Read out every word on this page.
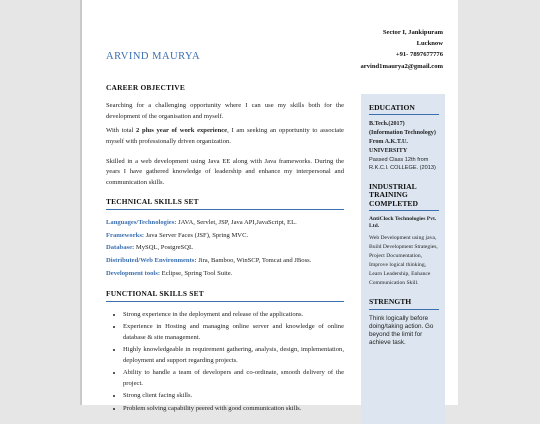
Sector I, Jankipuram
Lucknow
+91- 7897677776
arvind1maurya2@gmail.com
ARVIND MAURYA
CAREER OBJECTIVE

Searching for a challenging opportunity where I can use my skills both for the development of the organisation and myself.

With total 2 plus year of work experience, I am seeking an opportunity to associate myself with professionally driven organization.

Skilled in a web development using Java EE along with Java frameworks. During the years I have gathered knowledge of leadership and enhance my interpersonal and communication skills.

TECHNICAL SKILLS SET
Languages/Technologies: JAVA, Servlet, JSP, Java API,JavaScript, EL.
Frameworks: Java Server Faces (JSF), Spring MVC.
Database: MySQL, PostgreSQL
Distributed/Web Environments: Jira, Bamboo, WinSCP, Tomcat and JBoss.
Development tools: Eclipse, Spring Tool Suite.
FUNCTIONAL SKILLS SET
• Strong experience in the deployment and release of the applications.
• Experience in Hosting and managing online server and knowledge of online database & site management.
• Highly knowledgeable in requirement gathering, analysis, design, implementation, deployment and support regarding projects.
• Ability to handle a team of developers and co-ordinate, smooth delivery of the project.
• Strong client facing skills.
• Problem solving capability peered with good communication skills.
EDUCATION
B.Tech.(2017) (Information Technology)
From A.K.T.U. UNIVERSITY
Passed Class 12th from R.K.C.I. COLLEGE. (2013)
INDUSTRIAL TRAINING COMPLETED
AntiClock Technologies Pvt. Ltd.
Web Development using java, Build Development Strategies, Project Documentation, Improve logical thinking, Learn Leadership, Enhance Communication Skill.
STRENGTH
Think logically before doing/taking action. Go beyond the limit for achieve task.
